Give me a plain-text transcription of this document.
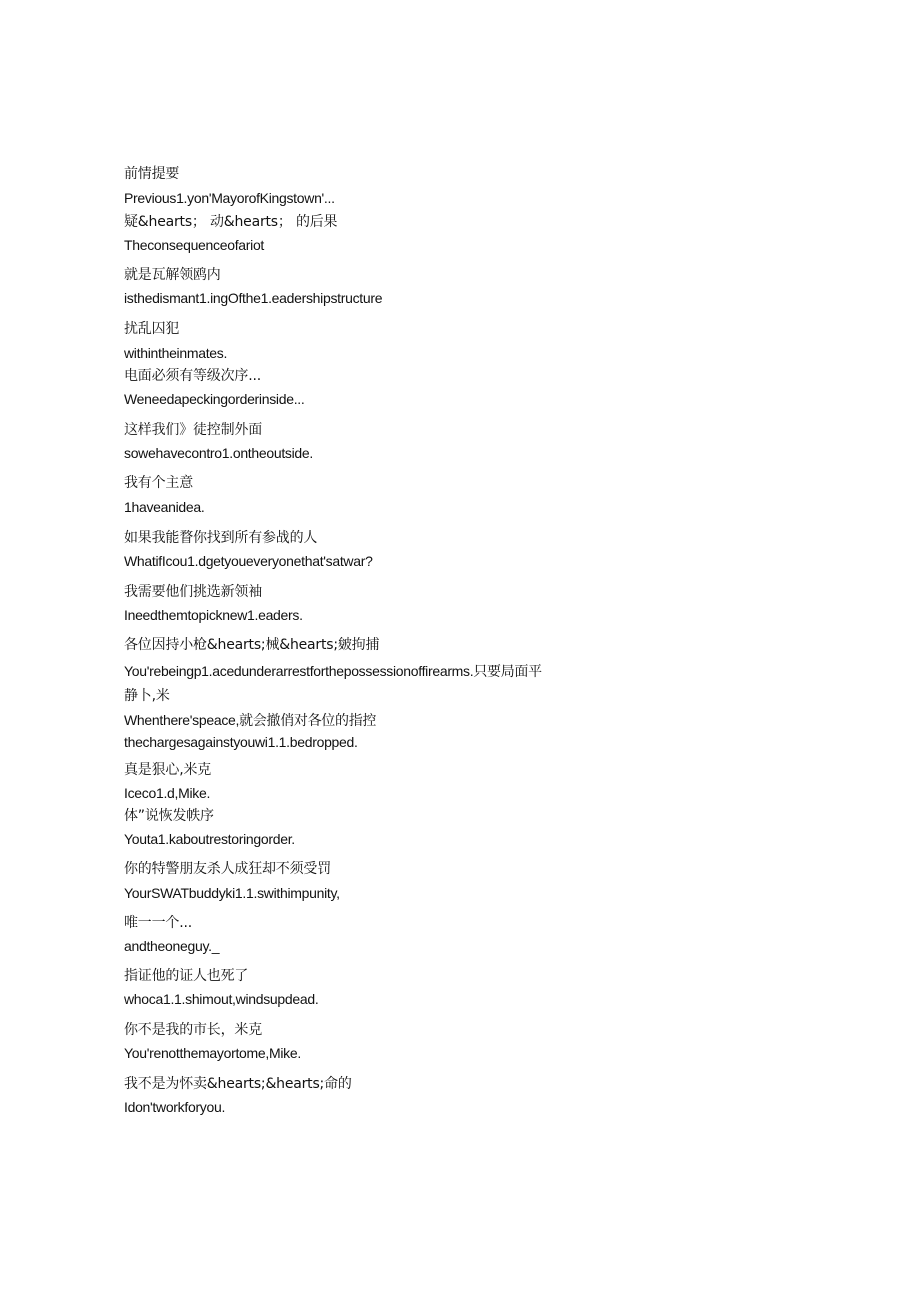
前情提要

Previous1.yon'MayorofKingstown'...

疑&hearts； 动&hearts； 的后果

Theconsequenceofariot

就是瓦解领鸥内

isthedismant1.ingOfthe1.eadershipstructure

扰乱囚犯

withintheinmates.

电面必须有等级次序...

Weneedapeckingorderinside...

这样我们》徒控制外面

sowehavecontro1.ontheoutside.

我有个主意

1haveanidea.

如果我能瞀你找到所有参战的人

WhatifIcou1.dgetyoueveryonethat'satwar?

我需要他们挑选新领袖

Ineedthemtopicknew1.eaders.

各位因持小枪&hearts;械&hearts;皴拘捕

You'rebeingp1.acedunderarrestforthepossessionoffirearms.只要局面平

静卜,米

Whenthere'speace,就会撤俏对各位的指控

thechargesagainstyouwi1.1.bedropped.

真是狠心,米克

Iceco1.d,Mike.

体”说恢发帙序

Youta1.kaboutrestoringorder.

你的特警朋友杀人成狂却不须受罚

YourSWATbuddyki1.1.swithimpunity,

唯一一个...

andtheoneguy._

指证他的证人也死了

whoca1.1.shimout,windsupdead.

你不是我的市长，米克

You'renotthemayortome,Mike.

我不是为怀卖&hearts;&hearts;命的

Idon'tworkforyou.
